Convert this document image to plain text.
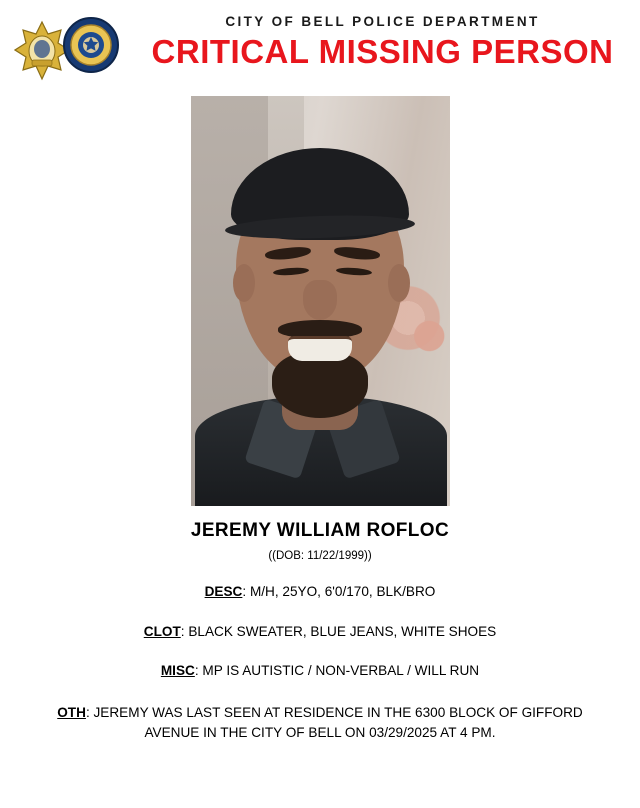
CITY OF BELL POLICE DEPARTMENT
CRITICAL MISSING PERSON
JEREMY WILLIAM ROFLOC
((DOB: 11/22/1999))
DESC: M/H, 25YO, 6'0/170, BLK/BRO
CLOT: BLACK SWEATER, BLUE JEANS, WHITE SHOES
MISC: MP IS AUTISTIC / NON-VERBAL / WILL RUN
OTH: JEREMY WAS LAST SEEN AT RESIDENCE IN THE 6300 BLOCK OF GIFFORD AVENUE IN THE CITY OF BELL ON 03/29/2025 AT 4 PM.
